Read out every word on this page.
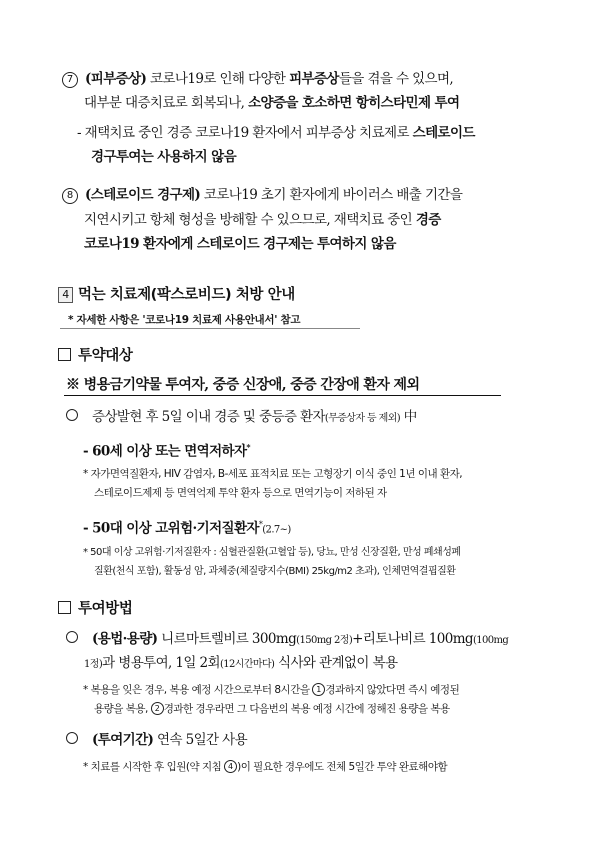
7 (피부증상) 코로나19로 인해 다양한 피부증상들을 겪을 수 있으며,
대부분 대증치료로 회복되나, 소양증을 호소하면 항히스타민제 투여
- 재택치료 중인 경증 코로나19 환자에서 피부증상 치료제로 스테로이드
경구투여는 사용하지 않음
8 (스테로이드 경구제) 코로나19 초기 환자에게 바이러스 배출 기간을
지연시키고 항체 형성을 방해할 수 있으므로, 재택치료 중인 경증
코로나19 환자에게 스테로이드 경구제는 투여하지 않음
4 먹는 치료제(팍스로비드) 처방 안내
* 자세한 사항은 '코로나19 치료제 사용안내서' 참고
투약대상
※ 병용금기약물 투여자, 중증 신장애, 중증 간장애 환자 제외
증상발현 후 5일 이내 경증 및 중등증 환자(무증상자 등 제외) 中
- 60세 이상 또는 면역저하자*
* 자가면역질환자, HIV 감염자, B-세포 표적치료 또는 고형장기 이식 중인 1년 이내 환자,
스테로이드제제 등 면역억제 투약 환자 등으로 면역기능이 저하된 자
- 50대 이상 고위험·기저질환자*(2.7~)
* 50대 이상 고위험·기저질환자 : 심혈관질환(고혈압 등), 당뇨, 만성 신장질환, 만성 폐쇄성폐
질환(천식 포함), 활동성 암, 과체중(체질량지수(BMI) 25kg/m2 초과), 인체면역결핍질환
투여방법
(용법·용량) 니르마트렐비르 300mg(150mg 2정)+리토나비르 100mg(100mg
1정)과 병용투여, 1일 2회(12시간마다) 식사와 관계없이 복용
* 복용을 잊은 경우, 복용 예정 시간으로부터 8시간을 1 경과하지 않았다면 즉시 예정된
용량을 복용, 2 경과한 경우라면 그 다음번의 복용 예정 시간에 정해진 용량을 복용
(투여기간) 연속 5일간 사용
* 치료를 시작한 후 입원(약 지침 4 )이 필요한 경우에도 전체 5일간 투약 완료해야함
